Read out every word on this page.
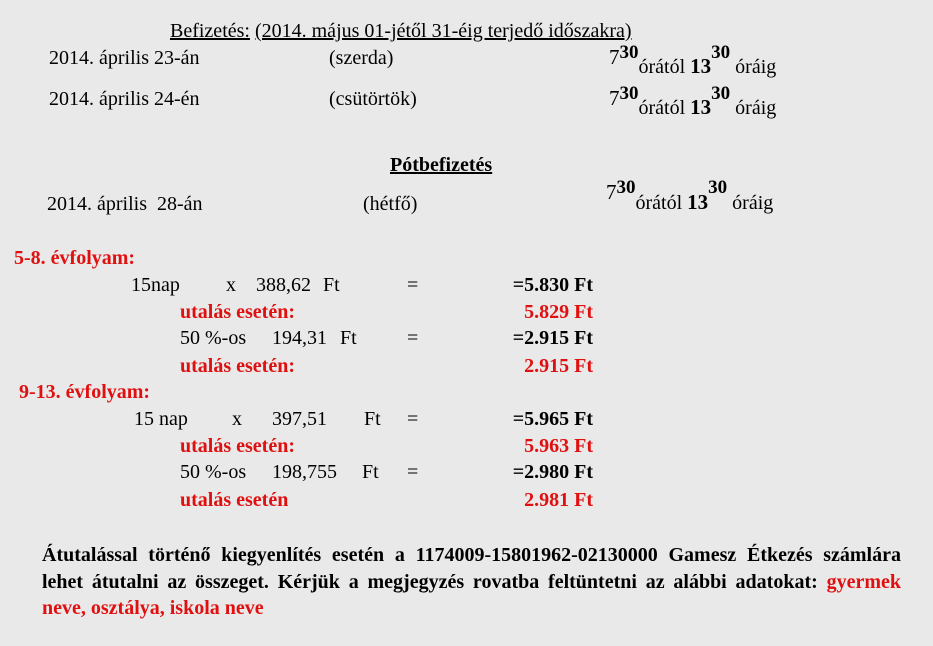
Befizetés: (2014. május 01-jétől 31-éig terjedő időszakra)
2014. április 23-án	(szerda)	$7^{30}órától$ $13^{30}$ óráig
2014. április 24-én	(csütörtök)	$7^{30}órától$ $13^{30}$ óráig
Pótbefizetés
2014. április  28-án	(hétfő)	$7^{30}órától$ $13^{30}$ óráig
5-8. évfolyam:
15nap x 388,62 Ft	=	=5.830 Ft
utalás esetén:	5.829 Ft
50 %-os 194,31 Ft	=	=2.915 Ft
utalás esetén:	2.915 Ft
9-13. évfolyam:
15 nap x 397,51 Ft =	=5.965 Ft
utalás esetén:	5.963 Ft
50 %-os 198,755 Ft =	=2.980 Ft
utalás esetén	2.981 Ft
Átutalással történő kiegyenlítés esetén a 1174009-15801962-02130000 Gamesz Étkezés számlára lehet átutalni az összeget. Kérjük a megjegyzés rovatba feltüntetni az alábbi adatokat: gyermek neve, osztálya, iskola neve
